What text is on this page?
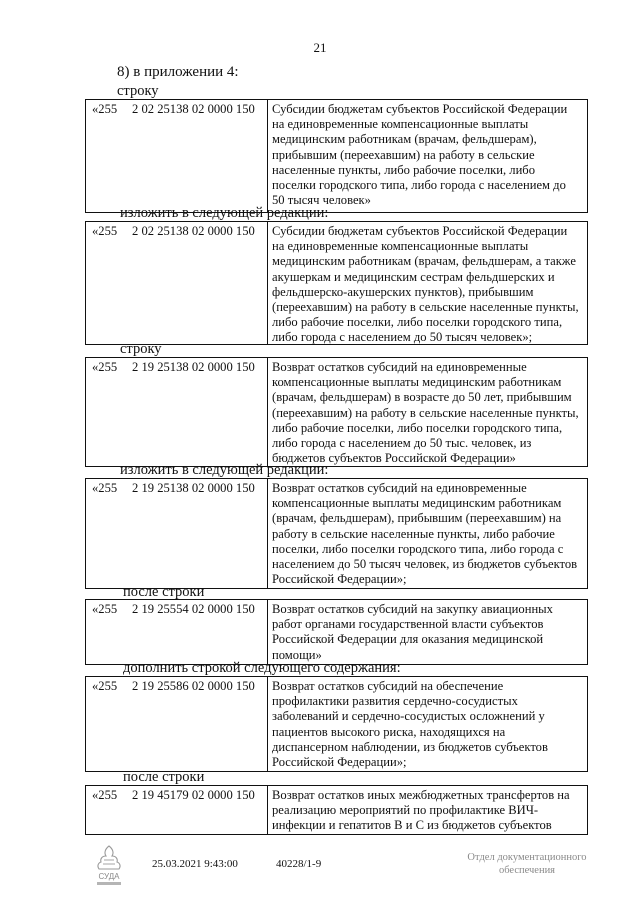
21
8) в приложении 4:
строку
«255	2 02 25138 02 0000 150	Субсидии бюджетам субъектов Российской Федерации
на единовременные компенсационные выплаты
медицинским работникам (врачам, фельдшерам),
прибывшим (переехавшим) на работу в сельские
населенные пункты, либо рабочие поселки, либо
поселки городского типа, либо города с населением до
50 тысяч человек»
изложить в следующей редакции:
«255	2 02 25138 02 0000 150	Субсидии бюджетам субъектов Российской Федерации
на единовременные компенсационные выплаты
медицинским работникам (врачам, фельдшерам, а также
акушеркам и медицинским сестрам фельдшерских и
фельдшерско-акушерских пунктов), прибывшим
(переехавшим) на работу в сельские населенные пункты,
либо рабочие поселки, либо поселки городского типа,
либо города с населением до 50 тысяч человек»;
строку
«255	2 19 25138 02 0000 150	Возврат остатков субсидий на единовременные
компенсационные выплаты медицинским работникам
(врачам, фельдшерам) в возрасте до 50 лет, прибывшим
(переехавшим) на работу в сельские населенные пункты,
либо рабочие поселки, либо поселки городского типа,
либо города с населением до 50 тыс. человек, из
бюджетов субъектов Российской Федерации»
изложить в следующей редакции:
«255	2 19 25138 02 0000 150	Возврат остатков субсидий на единовременные
компенсационные выплаты медицинским работникам
(врачам, фельдшерам), прибывшим (переехавшим) на
работу в сельские населенные пункты, либо рабочие
поселки, либо поселки городского типа, либо города с
населением до 50 тысяч человек, из бюджетов субъектов
Российской Федерации»;
после строки
«255	2 19 25554 02 0000 150	Возврат остатков субсидий на закупку авиационных
работ органами государственной власти субъектов
Российской Федерации для оказания медицинской
помощи»
дополнить строкой следующего содержания:
«255	2 19 25586 02 0000 150	Возврат остатков субсидий на обеспечение
профилактики развития сердечно-сосудистых
заболеваний и сердечно-сосудистых осложнений у
пациентов высокого риска, находящихся на
диспансерном наблюдении, из бюджетов субъектов
Российской Федерации»;
после строки
«255	2 19 45179 02 0000 150	Возврат остатков иных межбюджетных трансфертов на
реализацию мероприятий по профилактике ВИЧ-
инфекции и гепатитов В и С из бюджетов субъектов
СУДА
25.03.2021 9:43:00	40228/1-9
Отдел документационного
обеспечения
